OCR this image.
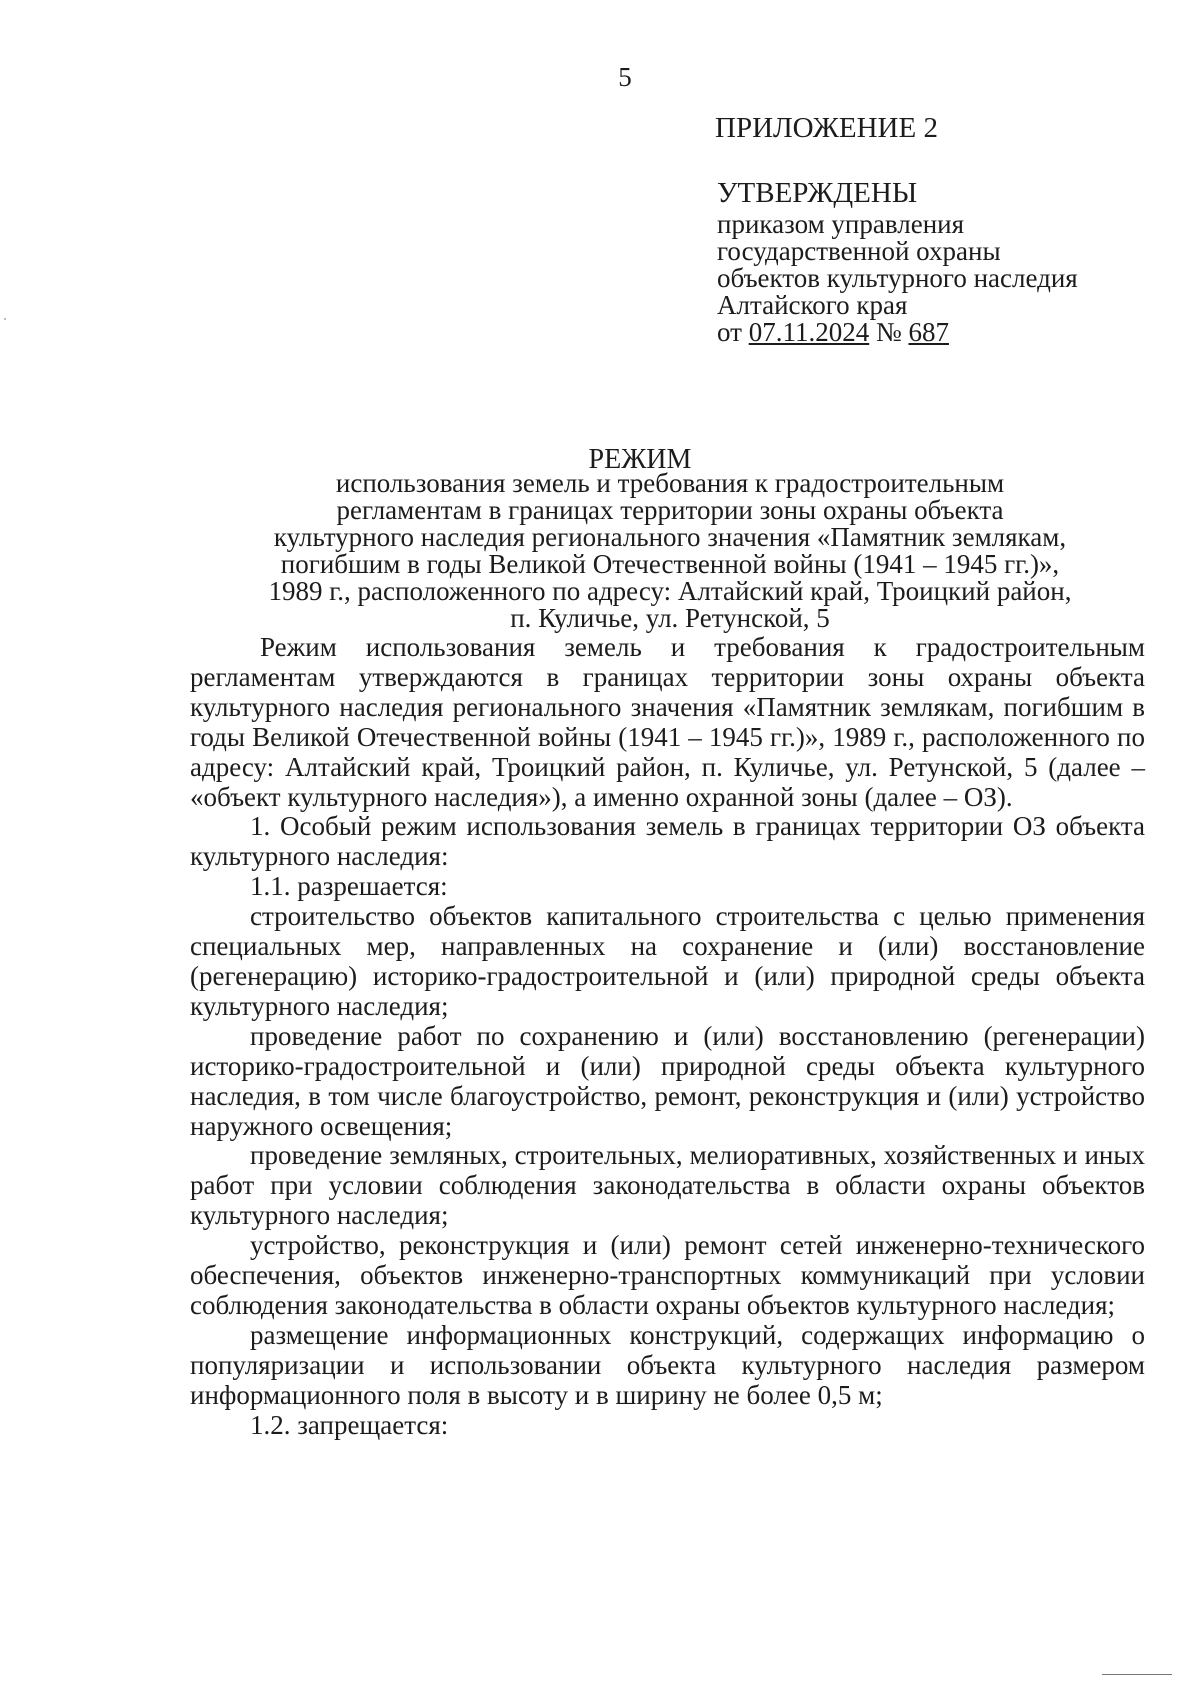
5
ПРИЛОЖЕНИЕ 2
УТВЕРЖДЕНЫ
приказом управления
государственной охраны
объектов культурного наследия
Алтайского края
от 07.11.2024 № 687
РЕЖИМ
использования земель и требования к градостроительным
регламентам в границах территории зоны охраны объекта
культурного наследия регионального значения «Памятник землякам,
погибшим в годы Великой Отечественной войны (1941 – 1945 гг.)»,
1989 г., расположенного по адресу: Алтайский край, Троицкий район,
п. Куличье, ул. Ретунской, 5

Режим использования земель и требования к градостроительным регламентам утверждаются в границах территории зоны охраны объекта культурного наследия регионального значения «Памятник землякам, погибшим в годы Великой Отечественной войны (1941 – 1945 гг.)», 1989 г., расположенного по адресу: Алтайский край, Троицкий район, п. Куличье, ул. Ретунской, 5 (далее – «объект культурного наследия»), а именно охранной зоны (далее – ОЗ).

1. Особый режим использования земель в границах территории ОЗ объекта культурного наследия:

1.1. разрешается:

строительство объектов капитального строительства с целью применения специальных мер, направленных на сохранение и (или) восстановление (регенерацию) историко-градостроительной и (или) природной среды объекта культурного наследия;

проведение работ по сохранению и (или) восстановлению (регенерации) историко-градостроительной и (или) природной среды объекта культурного наследия, в том числе благоустройство, ремонт, реконструкция и (или) устройство наружного освещения;

проведение земляных, строительных, мелиоративных, хозяйственных и иных работ при условии соблюдения законодательства в области охраны объектов культурного наследия;

устройство, реконструкция и (или) ремонт сетей инженерно-технического обеспечения, объектов инженерно-транспортных коммуникаций при условии соблюдения законодательства в области охраны объектов культурного наследия;

размещение информационных конструкций, содержащих информацию о популяризации и использовании объекта культурного наследия размером информационного поля в высоту и в ширину не более 0,5 м;

1.2. запрещается:
